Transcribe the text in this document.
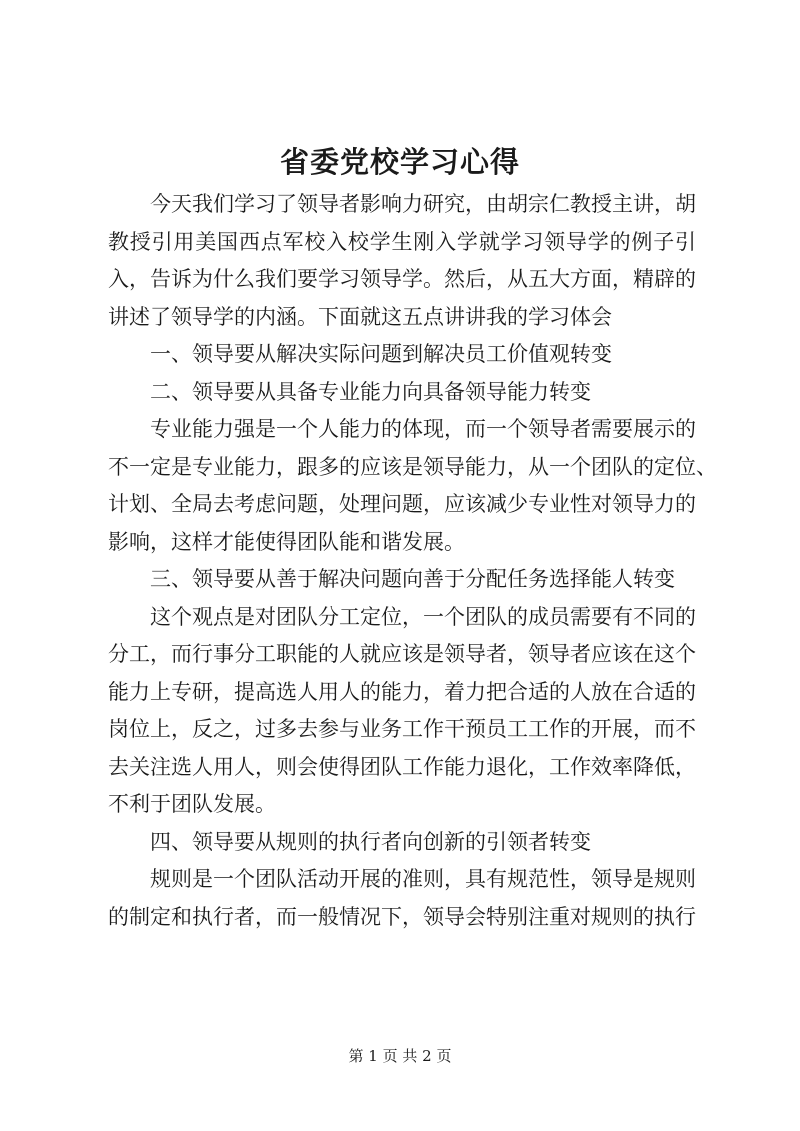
省委党校学习心得

今天我们学习了领导者影响力研究，由胡宗仁教授主讲，胡
教授引用美国西点军校入校学生刚入学就学习领导学的例子引
入，告诉为什么我们要学习领导学。然后，从五大方面，精辟的
讲述了领导学的内涵。下面就这五点讲讲我的学习体会

一、领导要从解决实际问题到解决员工价值观转变

二、领导要从具备专业能力向具备领导能力转变

专业能力强是一个人能力的体现，而一个领导者需要展示的
不一定是专业能力，跟多的应该是领导能力，从一个团队的定位、
计划、全局去考虑问题，处理问题，应该减少专业性对领导力的
影响，这样才能使得团队能和谐发展。

三、领导要从善于解决问题向善于分配任务选择能人转变

这个观点是对团队分工定位，一个团队的成员需要有不同的
分工，而行事分工职能的人就应该是领导者，领导者应该在这个
能力上专研，提高选人用人的能力，着力把合适的人放在合适的
岗位上，反之，过多去参与业务工作干预员工工作的开展，而不
去关注选人用人，则会使得团队工作能力退化，工作效率降低，
不利于团队发展。

四、领导要从规则的执行者向创新的引领者转变

规则是一个团队活动开展的准则，具有规范性，领导是规则
的制定和执行者，而一般情况下，领导会特别注重对规则的执行

第 1 页 共 2 页
